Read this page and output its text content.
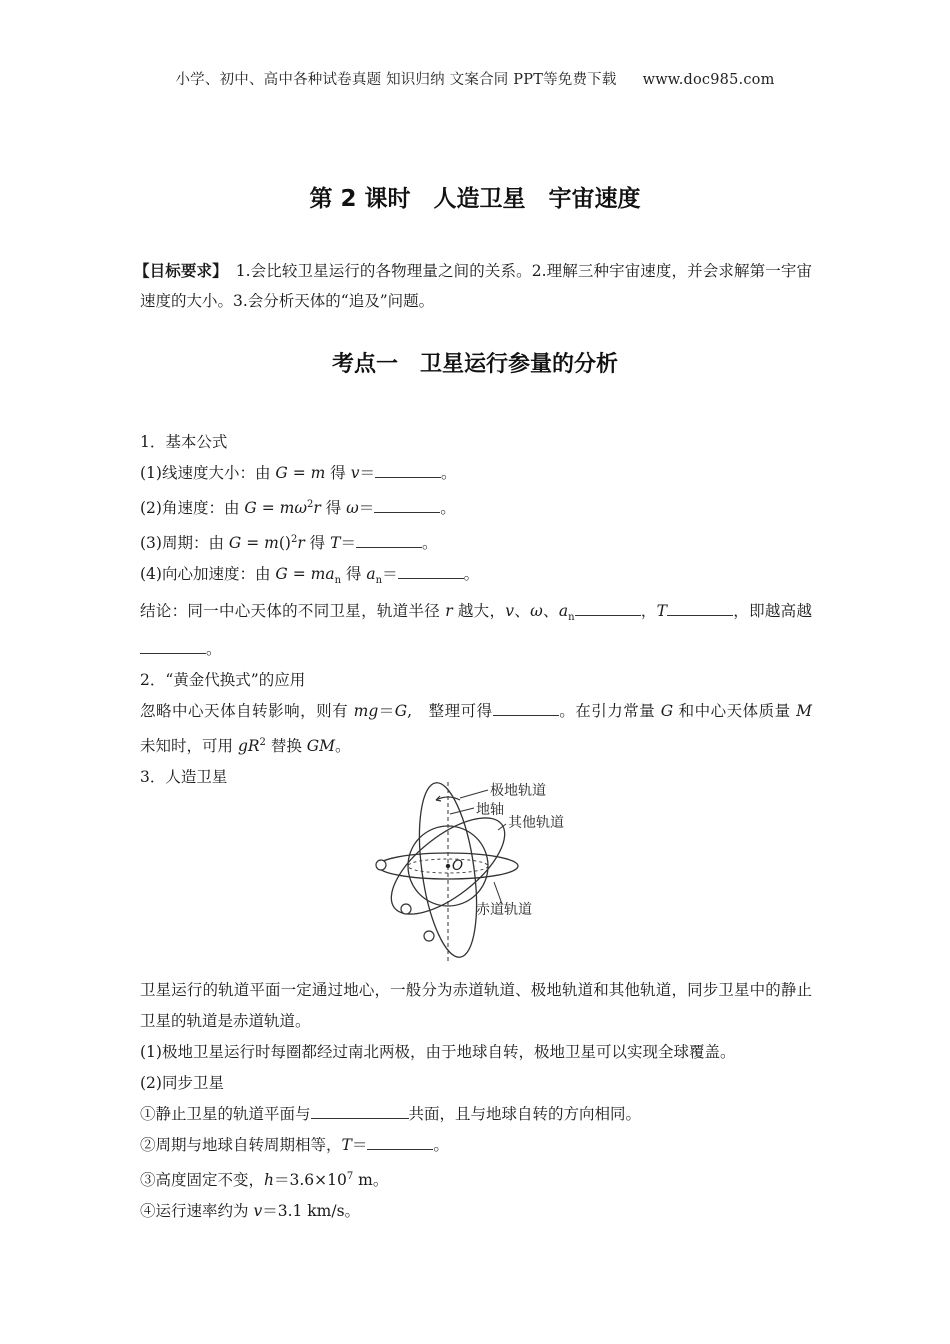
小学、初中、高中各种试卷真题 知识归纳 文案合同 PPT等免费下载 www.doc985.com
第 2 课时　人造卫星　宇宙速度
【目标要求】 1.会比较卫星运行的各物理量之间的关系。2.理解三种宇宙速度，并会求解第一宇宙速度的大小。3.会分析天体的“追及”问题。
考点一　卫星运行参量的分析
1．基本公式
(1)线速度大小：由 G = m 得 v＝	。
(2)角速度：由 $G = m\omega^2r$ 得 ω＝	。
(3)周期：由 G = m()$^2$r 得 T＝	。
(4)向心加速度：由 $G = ma_n$ 得 $a_n=$	。
结论：同一中心天体的不同卫星，轨道半径 r 越大，v、ω、$a_n$	，T	，即越高越。
2．“黄金代换式”的应用
忽略中心天体自转影响，则有 mg＝G,　整理可得	。在引力常量 G 和中心天体质量 M 未知时，可用 $gR^2$ 替换 GM。
3．人造卫星
O
极地轨道
地轴
其他轨道
赤道轨道
卫星运行的轨道平面一定通过地心，一般分为赤道轨道、极地轨道和其他轨道，同步卫星中的静止卫星的轨道是赤道轨道。
(1)极地卫星运行时每圈都经过南北两极，由于地球自转，极地卫星可以实现全球覆盖。
(2)同步卫星
①静止卫星的轨道平面与	共面，且与地球自转的方向相同。
②周期与地球自转周期相等，T＝	。
③高度固定不变，$h=3.6\times 10^7$ m。
④运行速率约为 v＝3.1 km/s。
